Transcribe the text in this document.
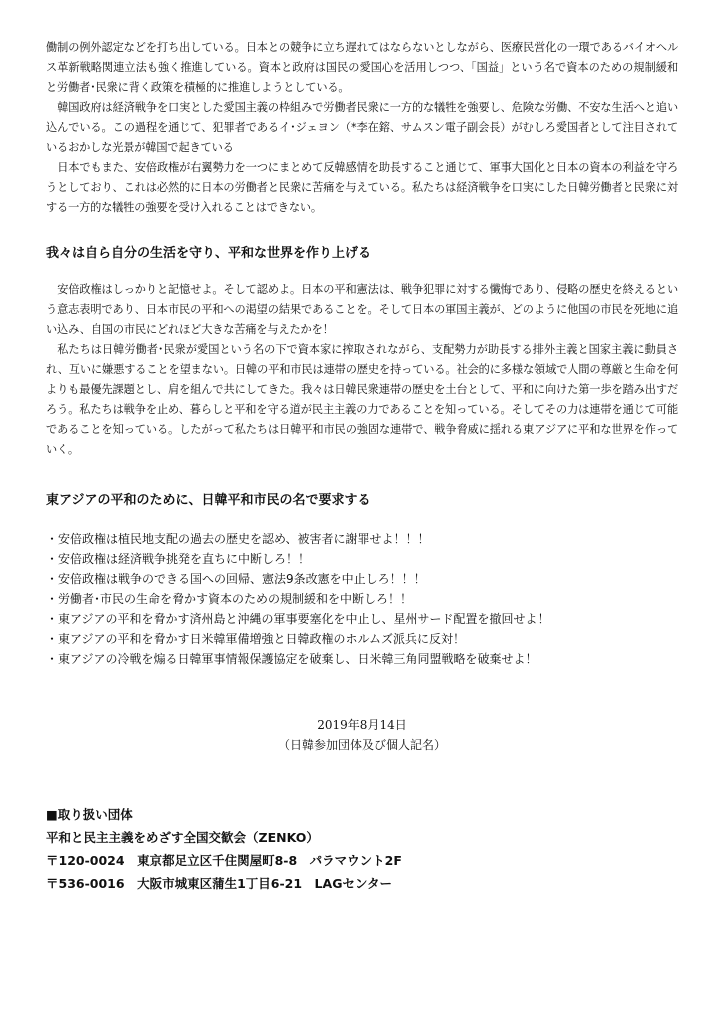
働制の例外認定などを打ち出している。日本との競争に立ち遅れてはならないとしながら、医療民営化の一環であるバイオヘルス革新戦略関連立法も強く推進している。資本と政府は国民の愛国心を活用しつつ、「国益」という名で資本のための規制緩和と労働者･民衆に背く政策を積極的に推進しようとしている。

韓国政府は経済戦争を口実とした愛国主義の枠組みで労働者民衆に一方的な犠牲を強要し、危険な労働、不安な生活へと追い込んでいる。この過程を通じて、犯罪者であるイ･ジェヨン（*李在鎔、サムスン電子副会長）がむしろ愛国者として注目されているおかしな光景が韓国で起きている

日本でもまた、安倍政権が右翼勢力を一つにまとめて反韓感情を助長すること通じて、軍事大国化と日本の資本の利益を守ろうとしており、これは必然的に日本の労働者と民衆に苦痛を与えている。私たちは経済戦争を口実にした日韓労働者と民衆に対する一方的な犠牲の強要を受け入れることはできない。

我々は自ら自分の生活を守り、平和な世界を作り上げる

安倍政権はしっかりと記憶せよ。そして認めよ。日本の平和憲法は、戦争犯罪に対する懺悔であり、侵略の歴史を終えるという意志表明であり、日本市民の平和への渇望の結果であることを。そして日本の軍国主義が、どのように他国の市民を死地に追い込み、自国の市民にどれほど大きな苦痛を与えたかを！

私たちは日韓労働者･民衆が愛国という名の下で資本家に搾取されながら、支配勢力が助長する排外主義と国家主義に動員され、互いに嫌悪することを望まない。日韓の平和市民は連帯の歴史を持っている。社会的に多様な領域で人間の尊厳と生命を何よりも最優先課題とし、肩を組んで共にしてきた。我々は日韓民衆連帯の歴史を土台として、平和に向けた第一歩を踏み出すだろう。私たちは戦争を止め、暮らしと平和を守る道が民主主義の力であることを知っている。そしてその力は連帯を通じて可能であることを知っている。したがって私たちは日韓平和市民の強固な連帯で、戦争脅威に揺れる東アジアに平和な世界を作っていく。

東アジアの平和のために、日韓平和市民の名で要求する
・安倍政権は植民地支配の過去の歴史を認め、被害者に謝罪せよ！！！
・安倍政権は経済戦争挑発を直ちに中断しろ！！
・安倍政権は戦争のできる国への回帰、憲法9条改憲を中止しろ！！！
・労働者･市民の生命を脅かす資本のための規制緩和を中断しろ！！
・東アジアの平和を脅かす済州島と沖縄の軍事要塞化を中止し、星州サード配置を撤回せよ！
・東アジアの平和を脅かす日米韓軍備増強と日韓政権のホルムズ派兵に反対！
・東アジアの冷戦を煽る日韓軍事情報保護協定を破棄し、日米韓三角同盟戦略を破棄せよ！
2019年8月14日
（日韓参加団体及び個人記名）
■取り扱い団体
平和と民主主義をめざす全国交歓会（ZENKO）
〒120-0024　東京都足立区千住関屋町8-8　パラマウント2F
〒536-0016　大阪市城東区蒲生1丁目6-21　LAGセンター
